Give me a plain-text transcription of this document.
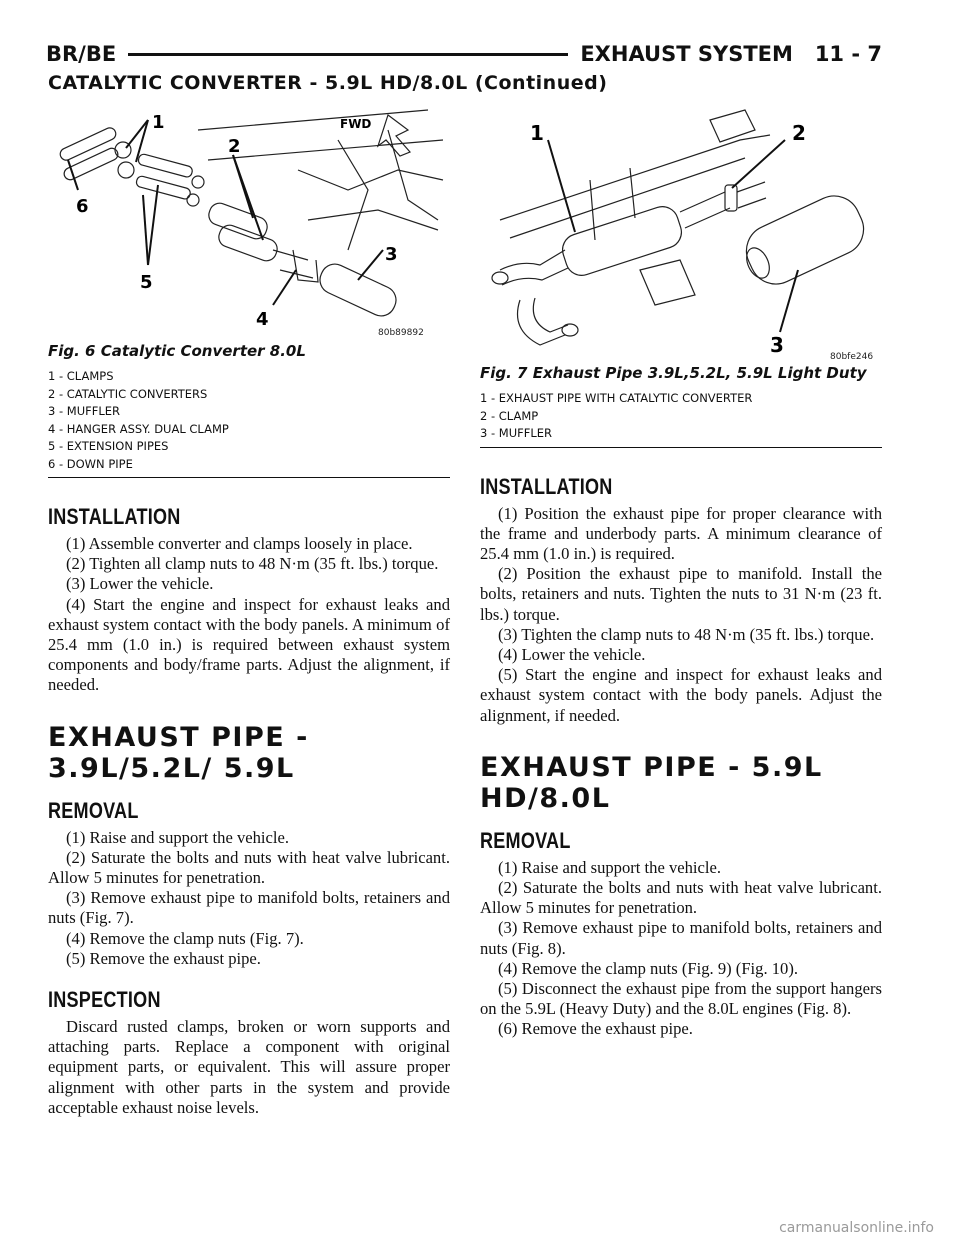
BR/BE	EXHAUST SYSTEM   11 - 7
CATALYTIC CONVERTER - 5.9L HD/8.0L (Continued)
FWD
1
2
3
4
5
6
80b89892
Fig. 6 Catalytic Converter 8.0L
1 - CLAMPS
2 - CATALYTIC CONVERTERS
3 - MUFFLER
4 - HANGER ASSY. DUAL CLAMP
5 - EXTENSION PIPES
6 - DOWN PIPE
INSTALLATION

(1) Assemble converter and clamps loosely in place.

(2) Tighten all clamp nuts to 48 N·m (35 ft. lbs.) torque.

(3) Lower the vehicle.

(4) Start the engine and inspect for exhaust leaks and exhaust system contact with the body panels. A minimum of 25.4 mm (1.0 in.) is required between exhaust system components and body/frame parts. Adjust the alignment, if needed.

EXHAUST PIPE - 3.9L/5.2L/ 5.9L
REMOVAL

(1) Raise and support the vehicle.

(2) Saturate the bolts and nuts with heat valve lubricant. Allow 5 minutes for penetration.

(3) Remove exhaust pipe to manifold bolts, retainers and nuts (Fig. 7).

(4) Remove the clamp nuts (Fig. 7).

(5) Remove the exhaust pipe.

INSPECTION

Discard rusted clamps, broken or worn supports and attaching parts. Replace a component with original equipment parts, or equivalent. This will assure proper alignment with other parts in the system and provide acceptable exhaust noise levels.

1	2
3	80bfe246
Fig. 7 Exhaust Pipe 3.9L,5.2L, 5.9L Light Duty
1 - EXHAUST PIPE WITH CATALYTIC CONVERTER
2 - CLAMP
3 - MUFFLER
INSTALLATION

(1) Position the exhaust pipe for proper clearance with the frame and underbody parts. A minimum clearance of 25.4 mm (1.0 in.) is required.

(2) Position the exhaust pipe to manifold. Install the bolts, retainers and nuts. Tighten the nuts to 31 N·m (23 ft. lbs.) torque.

(3) Tighten the clamp nuts to 48 N·m (35 ft. lbs.) torque.

(4) Lower the vehicle.

(5) Start the engine and inspect for exhaust leaks and exhaust system contact with the body panels. Adjust the alignment, if needed.

EXHAUST PIPE - 5.9L HD/8.0L
REMOVAL

(1) Raise and support the vehicle.

(2) Saturate the bolts and nuts with heat valve lubricant. Allow 5 minutes for penetration.

(3) Remove exhaust pipe to manifold bolts, retainers and nuts (Fig. 8).

(4) Remove the clamp nuts (Fig. 9) (Fig. 10).

(5) Disconnect the exhaust pipe from the support hangers on the 5.9L (Heavy Duty) and the 8.0L engines (Fig. 8).

(6) Remove the exhaust pipe.

carmanualsonline.info
